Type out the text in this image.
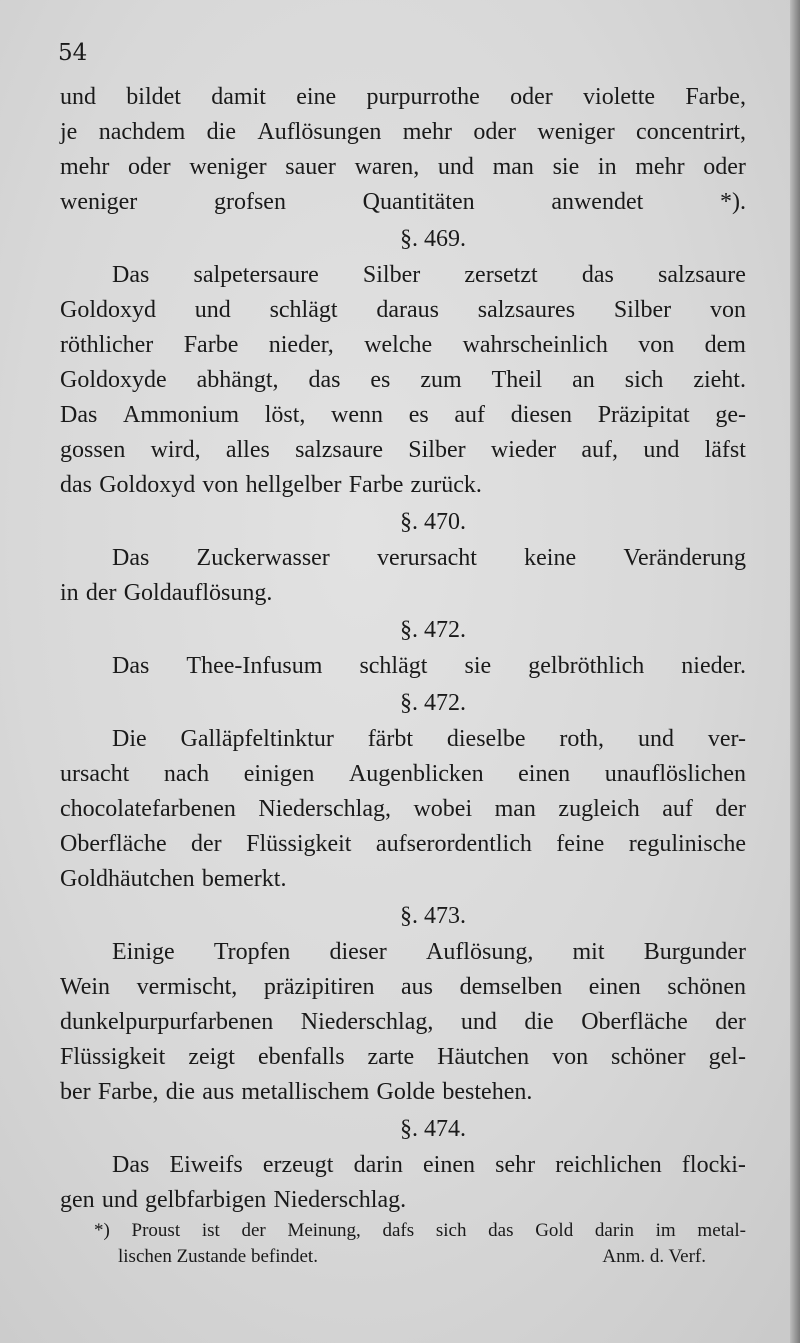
54
und bildet damit eine purpurrothe oder violette Farbe,
je nachdem die Auflösungen mehr oder weniger concentrirt,
mehr oder weniger sauer waren, und man sie in mehr oder
weniger	grofsen	Quantitäten	anwendet	*).
§. 469.
Das salpetersaure Silber zersetzt das salzsaure
Goldoxyd und schlägt daraus salzsaures Silber von
röthlicher Farbe nieder, welche wahrscheinlich von dem
Goldoxyde abhängt, das es zum Theil an sich zieht.
Das Ammonium löst, wenn es auf diesen Präzipitat ge-
gossen wird, alles salzsaure Silber wieder auf, und läfst
das Goldoxyd von hellgelber Farbe zurück.
§. 470.
Das Zuckerwasser verursacht keine Veränderung
in der Goldauflösung.
§. 472.
Das Thee-Infusum schlägt sie gelbröthlich nieder.
§. 472.
Die Galläpfeltinktur färbt dieselbe roth, und ver-
ursacht nach einigen Augenblicken einen unauflöslichen
chocolatefarbenen Niederschlag, wobei man zugleich auf der
Oberfläche der Flüssigkeit aufserordentlich feine regulinische
Goldhäutchen bemerkt.
§. 473.
Einige Tropfen dieser Auflösung, mit Burgunder
Wein vermischt, präzipitiren aus demselben einen schönen
dunkelpurpurfarbenen Niederschlag, und die Oberfläche der
Flüssigkeit zeigt ebenfalls zarte Häutchen von schöner gel-
ber Farbe, die aus metallischem Golde bestehen.
§. 474.
Das Eiweifs erzeugt darin einen sehr reichlichen flocki-
gen und gelbfarbigen Niederschlag.
*) Proust ist der Meinung, dafs sich das Gold darin im metal-
lischen Zustande befindet.	Anm. d. Verf.
